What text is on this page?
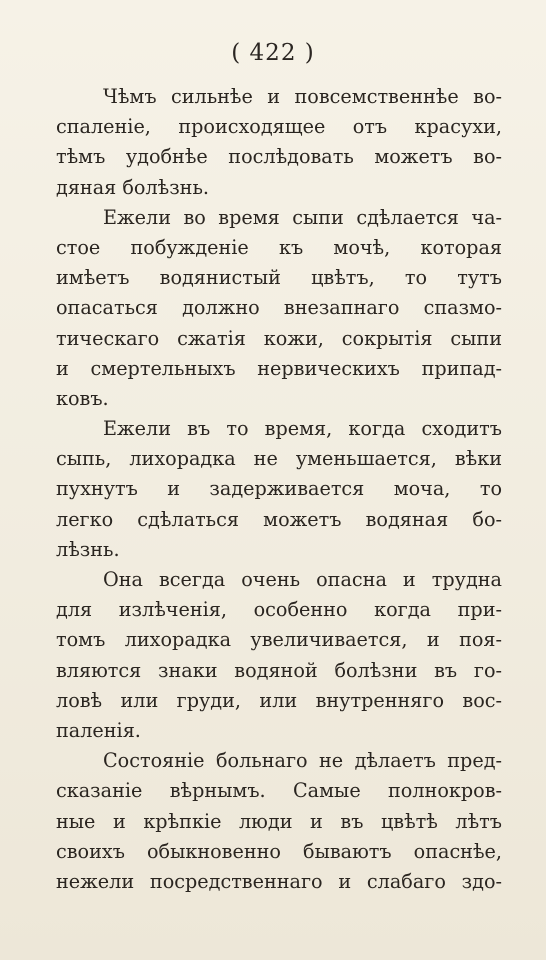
( 422 )
Чѣмъ сильнѣе и повсемственнѣе во-
спаленіе, происходящее отъ красухи,
тѣмъ удобнѣе послѣдовать можетъ во-
дяная болѣзнь.
Ежели во время сыпи сдѣлается ча-
стое побужденіе къ мочѣ, которая
имѣетъ водянистый цвѣтъ, то тутъ
опасаться должно внезапнаго спазмо-
тическаго сжатія кожи, сокрытія сыпи
и смертельныхъ нервическихъ припад-
ковъ.
Ежели въ то время, когда сходитъ
сыпь, лихорадка не уменьшается, вѣки
пухнутъ и задерживается моча, то
легко сдѣлаться можетъ водяная бо-
лѣзнь.
Она всегда очень опасна и трудна
для излѣченія, особенно когда при-
томъ лихорадка увеличивается, и поя-
вляются знаки водяной болѣзни въ го-
ловѣ или груди, или внутренняго вос-
паленія.
Состояніе больнаго не дѣлаетъ пред-
сказаніе вѣрнымъ. Самые полнокров-
ные и крѣпкіе люди и въ цвѣтѣ лѣтъ
своихъ обыкновенно бываютъ опаснѣе,
нежели посредственнаго и слабаго здо-
